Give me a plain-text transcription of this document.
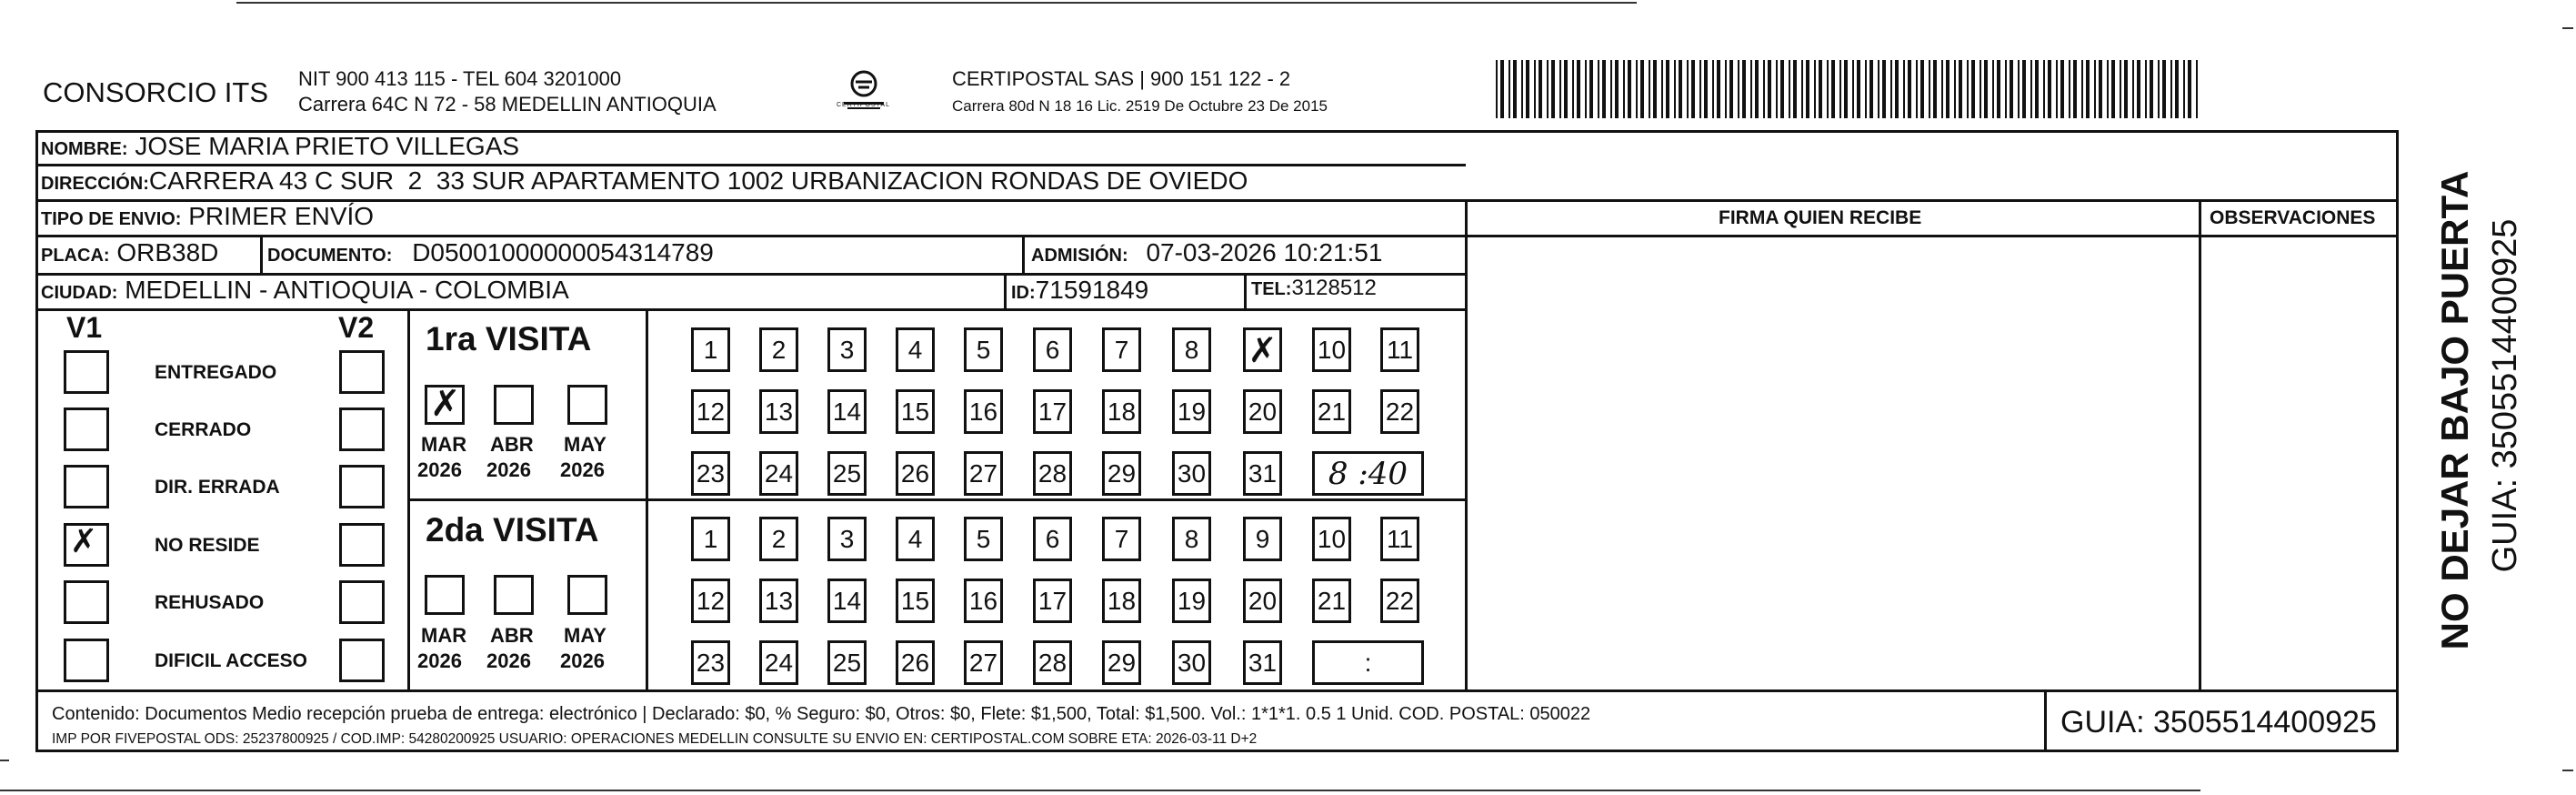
CONSORCIO ITS NIT 900 413 115 - TEL 604 3201000
Carrera 64C N 72 - 58 MEDELLIN ANTIOQUIA	CERTIPOSTAL
CERTIPOSTAL SAS | 900 151 122 - 2
Carrera 80d N 18 16 Lic. 2519 De Octubre 23 De 2015
NOMBRE: JOSE MARIA PRIETO VILLEGAS
DIRECCIÓN:CARRERA 43 C SUR  2  33 SUR APARTAMENTO 1002 URBANIZACION RONDAS DE OVIEDO
TIPO DE ENVIO: PRIMER ENVÍO
PLACA: ORB38D	DOCUMENTO: D05001000000054314789	ADMISIÓN: 07-03-2026 10:21:51
CIUDAD: MEDELLIN - ANTIOQUIA - COLOMBIA	ID:71591849	TEL:3128512
FIRMA QUIEN RECIBE	OBSERVACIONES
V1	V2
ENTREGADO
CERRADO
DIR. ERRADA
✗	NO RESIDE
REHUSADO
DIFICIL ACCESO
1ra VISITA
2da VISITA
1	2	3	4	5	6	7	8	✗ 10 11
12 13 14 15 16 17 18 19 20 21 22
23 24 25 26 27 28 29 30 31	8 :40
1	2	3	4	5	6	7	8	9	10 11
12 13 14 15 16 17 18 19 20 21 22
23 24 25 26 27 28 29 30 31	:
✗
MAR
2026
ABR
2026
MAY
2026
MAR
2026
ABR
2026
MAY
2026
Contenido: Documentos Medio recepción prueba de entrega: electrónico | Declarado: $0, % Seguro: $0, Otros: $0, Flete: $1,500, Total: $1,500. Vol.: 1*1*1. 0.5 1 Unid. COD. POSTAL: 050022
IMP POR FIVEPOSTAL ODS: 25237800925 / COD.IMP: 54280200925 USUARIO: OPERACIONES MEDELLIN CONSULTE SU ENVIO EN: CERTIPOSTAL.COM SOBRE ETA: 2026-03-11 D+2	GUIA: 3505514400925
NO DEJAR BAJO PUERTA GUIA: 3505514400925
